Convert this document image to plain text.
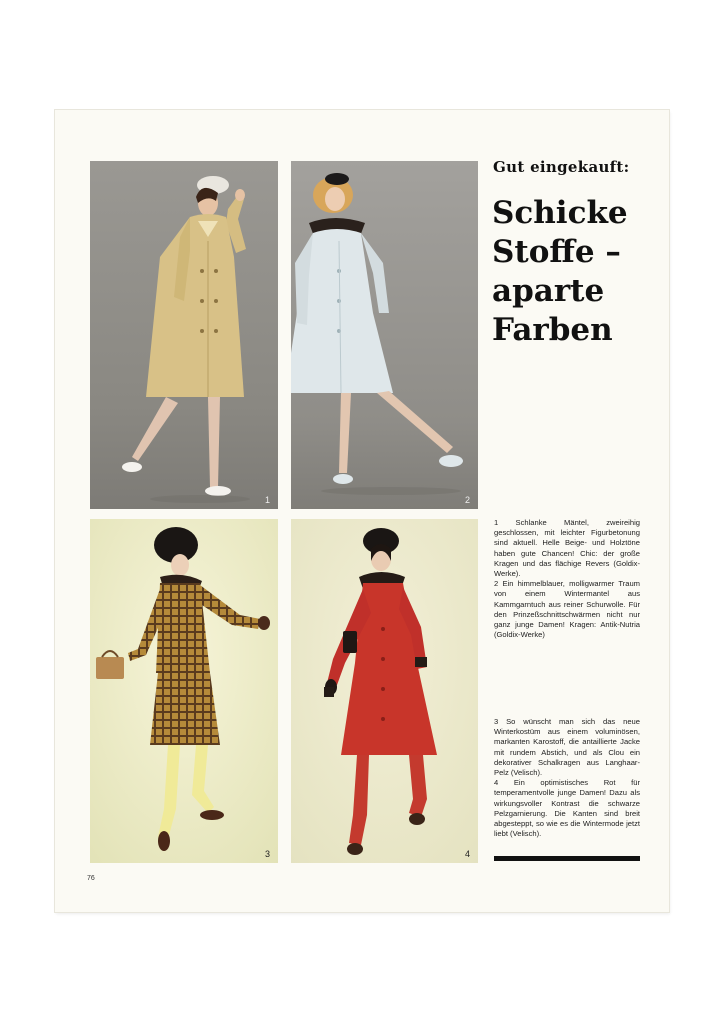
1	2
3	4
Gut eingekauft:
Schicke
Stoffe –
aparte
Farben

1 Schlanke Mäntel, zweireihig geschlossen, mit leichter Figurbetonung sind aktuell. Helle Beige- und Holztöne haben gute Chancen! Chic: der große Kragen und das flächige Revers (Goldix-Werke).

2 Ein himmelblauer, molligwarmer Traum von einem Wintermantel aus Kammgarntuch aus reiner Schurwolle. Für den Prinzeßschnittschwärmen nicht nur ganz junge Damen! Kragen: Antik-Nutria (Goldix-Werke)

3 So wünscht man sich das neue Winterkostüm aus einem voluminösen, markanten Karostoff, die antaillierte Jacke mit rundem Abstich, und als Clou ein dekorativer Schalkragen aus Langhaar-Pelz (Velisch).

4 Ein optimistisches Rot für temperamentvolle junge Damen! Dazu als wirkungsvoller Kontrast die schwarze Pelzgarnierung. Die Kanten sind breit abgesteppt, so wie es die Wintermode jetzt liebt (Velisch).

76
